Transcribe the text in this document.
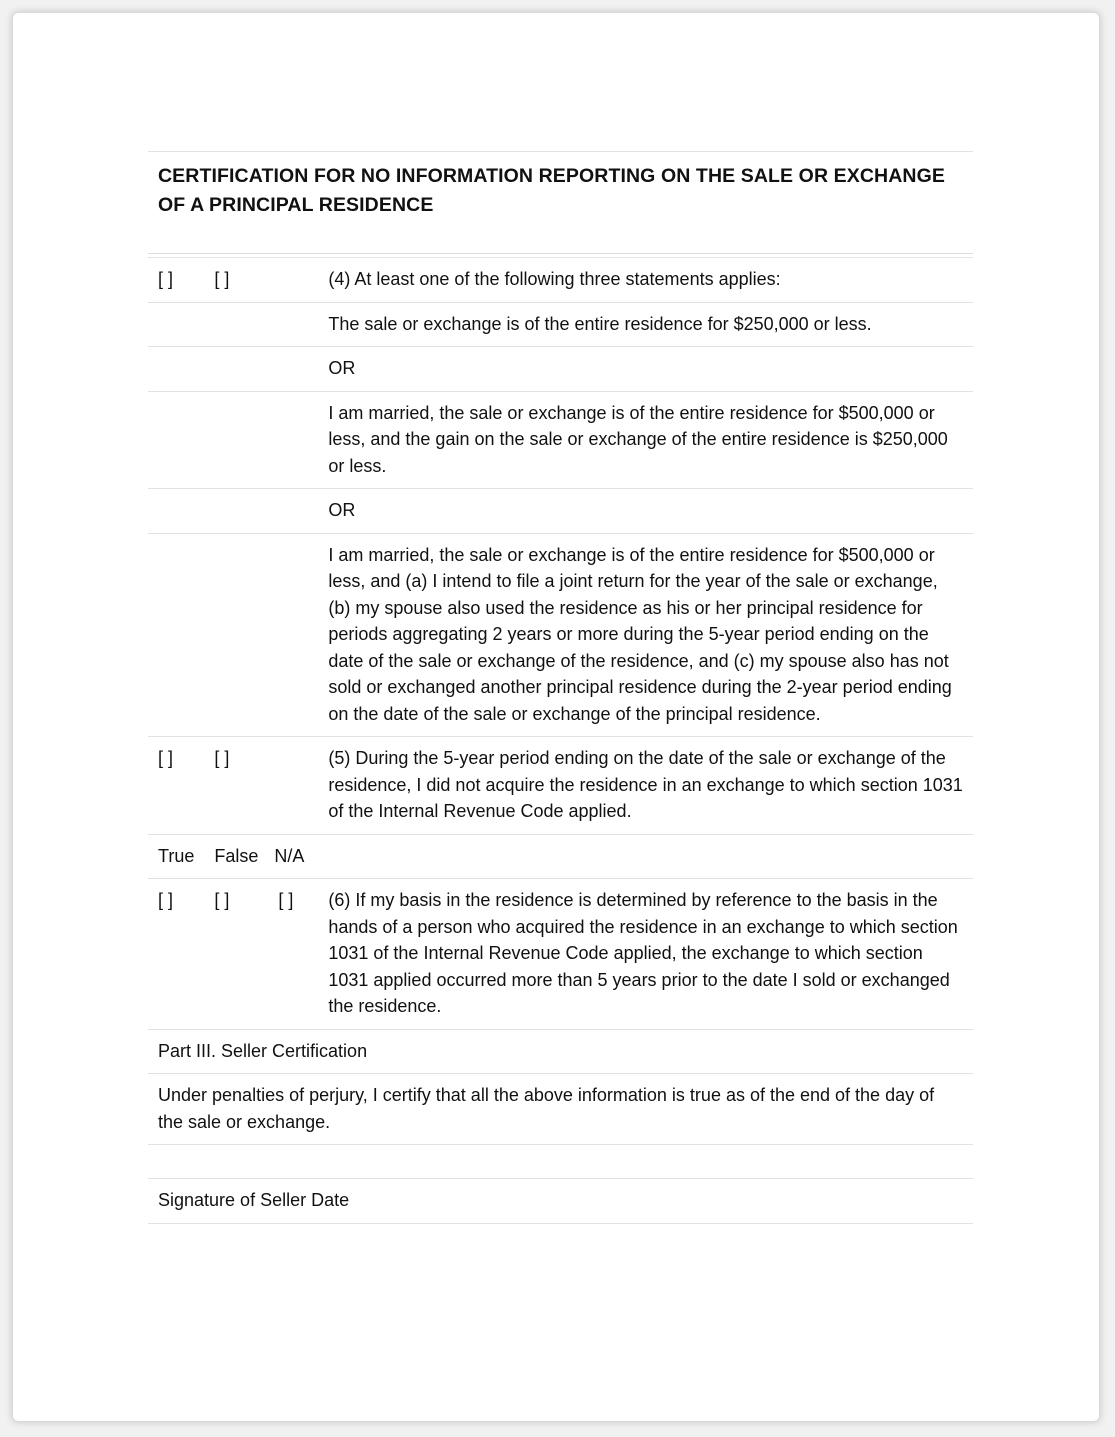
CERTIFICATION FOR NO INFORMATION REPORTING ON THE SALE OR EXCHANGE OF A PRINCIPAL RESIDENCE
[ ]	[ ]		(4) At least one of the following three statements applies:
			The sale or exchange is of the entire residence for $250,000 or less.
			OR
			I am married, the sale or exchange is of the entire residence for $500,000 or less, and the gain on the sale or exchange of the entire residence is $250,000 or less.
			OR
			I am married, the sale or exchange is of the entire residence for $500,000 or less, and (a) I intend to file a joint return for the year of the sale or exchange, (b) my spouse also used the residence as his or her principal residence for periods aggregating 2 years or more during the 5-year period ending on the date of the sale or exchange of the residence, and (c) my spouse also has not sold or exchanged another principal residence during the 2-year period ending on the date of the sale or exchange of the principal residence.
[ ]	[ ]		(5) During the 5-year period ending on the date of the sale or exchange of the residence, I did not acquire the residence in an exchange to which section 1031 of the Internal Revenue Code applied.
True	False	N/A	
[ ]	[ ]	[ ]	(6) If my basis in the residence is determined by reference to the basis in the hands of a person who acquired the residence in an exchange to which section 1031 of the Internal Revenue Code applied, the exchange to which section 1031 applied occurred more than 5 years prior to the date I sold or exchanged the residence.
Part III. Seller Certification			
Under penalties of perjury, I certify that all the above information is true as of the end of the day of the sale or exchange.			

Signature of Seller Date			
